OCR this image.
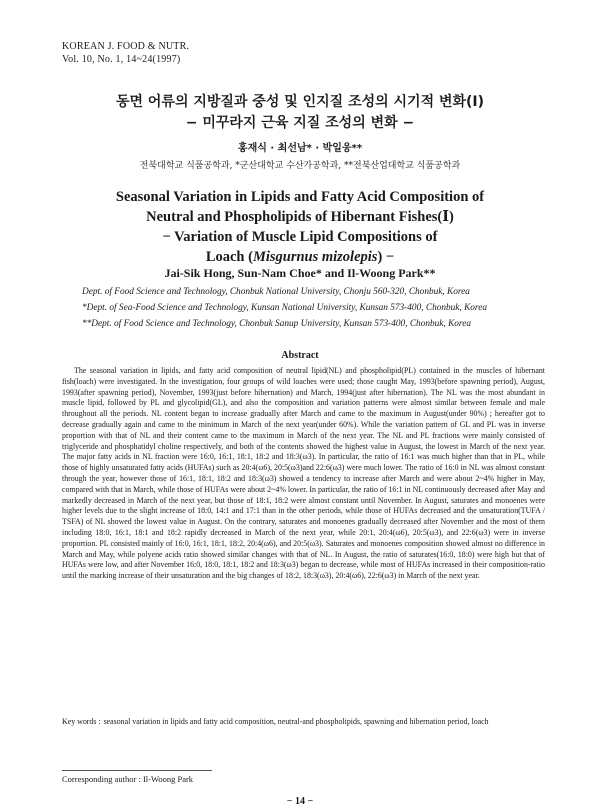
KOREAN J. FOOD & NUTR.
Vol. 10, No. 1, 14~24(1997)
동면 어류의 지방질과 중성 및 인지질 조성의 시기적 변화(Ⅰ)
− 미꾸라지 근육 지질 조성의 변화 −
홍재식 · 최선남* · 박일웅**
전북대학교 식품공학과, *군산대학교 수산가공학과, **전북산업대학교 식품공학과
Seasonal Variation in Lipids and Fatty Acid Composition of
Neutral and Phospholipids of Hibernant Fishes(Ⅰ)
− Variation of Muscle Lipid Compositions of
Loach (Misgurnus mizolepis) −
Jai-Sik Hong, Sun-Nam Choe* and Il-Woong Park**
Dept. of Food Science and Technology, Chonbuk National University, Chonju 560-320, Chonbuk, Korea
*Dept. of Sea-Food Science and Technology, Kunsan National University, Kunsan 573-400, Chonbuk, Korea
**Dept. of Food Science and Technology, Chonbuk Sanup University, Kunsan 573-400, Chonbuk, Korea
Abstract

The seasonal variation in lipids, and fatty acid composition of neutral lipid(NL) and phospholipid(PL) contained in the muscles of hibernant fish(loach) were investigated. In the investigation, four groups of wild loaches were used; those caught May, 1993(before spawning period), August, 1993(after spawning period), November, 1993(just before hibernation) and March, 1994(just after hibernation). The NL was the most abundant in muscle lipid, followed by PL and glycolipid(GL), and also the composition and variation patterns were almost similar between female and male throughout all the periods. NL content began to increase gradually after March and came to the maximum in August(under 90%) ; hereafter got to decrease gradually again and came to the minimum in March of the next year(under 60%). While the variation pattern of GL and PL was in inverse proportion with that of NL and their content came to the maximum in March of the next year. The NL and PL fractions were mainly consisted of triglyceride and phosphatidyl choline respectively, and both of the contents showed the highest value in August, the lowest in March of the next year. The major fatty acids in NL fraction were 16:0, 16:1, 18:1, 18:2 and 18:3(ω3). In particular, the ratio of 16:1 was much higher than that in PL, while those of highly unsaturated fatty acids (HUFAs) such as 20:4(ω6), 20:5(ω3)and 22:6(ω3) were much lower. The ratio of 16:0 in NL was almost constant through the year, however those of 16:1, 18:1, 18:2 and 18:3(ω3) showed a tendency to increase after March and were about 2~4% higher in May, compared with that in March, while those of HUFAs were about 2~4% lower. In particular, the ratio of 16:1 in NL continuously decreased after May and markedly decreased in March of the next year, but those of 18:1, 18:2 were almost constant until November. In August, saturates and monoenes were higher levels due to the slight increase of 18:0, 14:1 and 17:1 than in the other periods, while those of HUFAs decreased and the unsaturation(TUFA / TSFA) of NL showed the lowest value in August. On the contrary, saturates and monoenes gradually decreased after November and the most of them including 18:0, 16:1, 18:1 and 18:2 rapidly decreased in March of the next year, while 20:1, 20:4(ω6), 20:5(ω3), and 22:6(ω3) were in inverse proportion. PL consisted mainly of 16:0, 16:1, 18:1, 18:2, 20:4(ω6), and 20:5(ω3). Saturates and monoenes composition showed almost no difference in March and May, while polyene acids ratio showed similar changes with that of NL. In August, the ratio of saturates(16:0, 18:0) were high but that of HUFAs were low, and after November 16:0, 18:0, 18:1, 18:2 and 18:3(ω3) began to decrease, while most of HUFAs increased in their composition-ratio until the marking increase of their unsaturation and the big changes of 18:2, 18:3(ω3), 20:4(ω6), 22:6(ω3) in March of the next year.

Key words : seasonal variation in lipids and fatty acid composition, neutral-and phospholipids, spawning and hibernation period, loach
Corresponding author : Il-Woong Park
− 14 −
